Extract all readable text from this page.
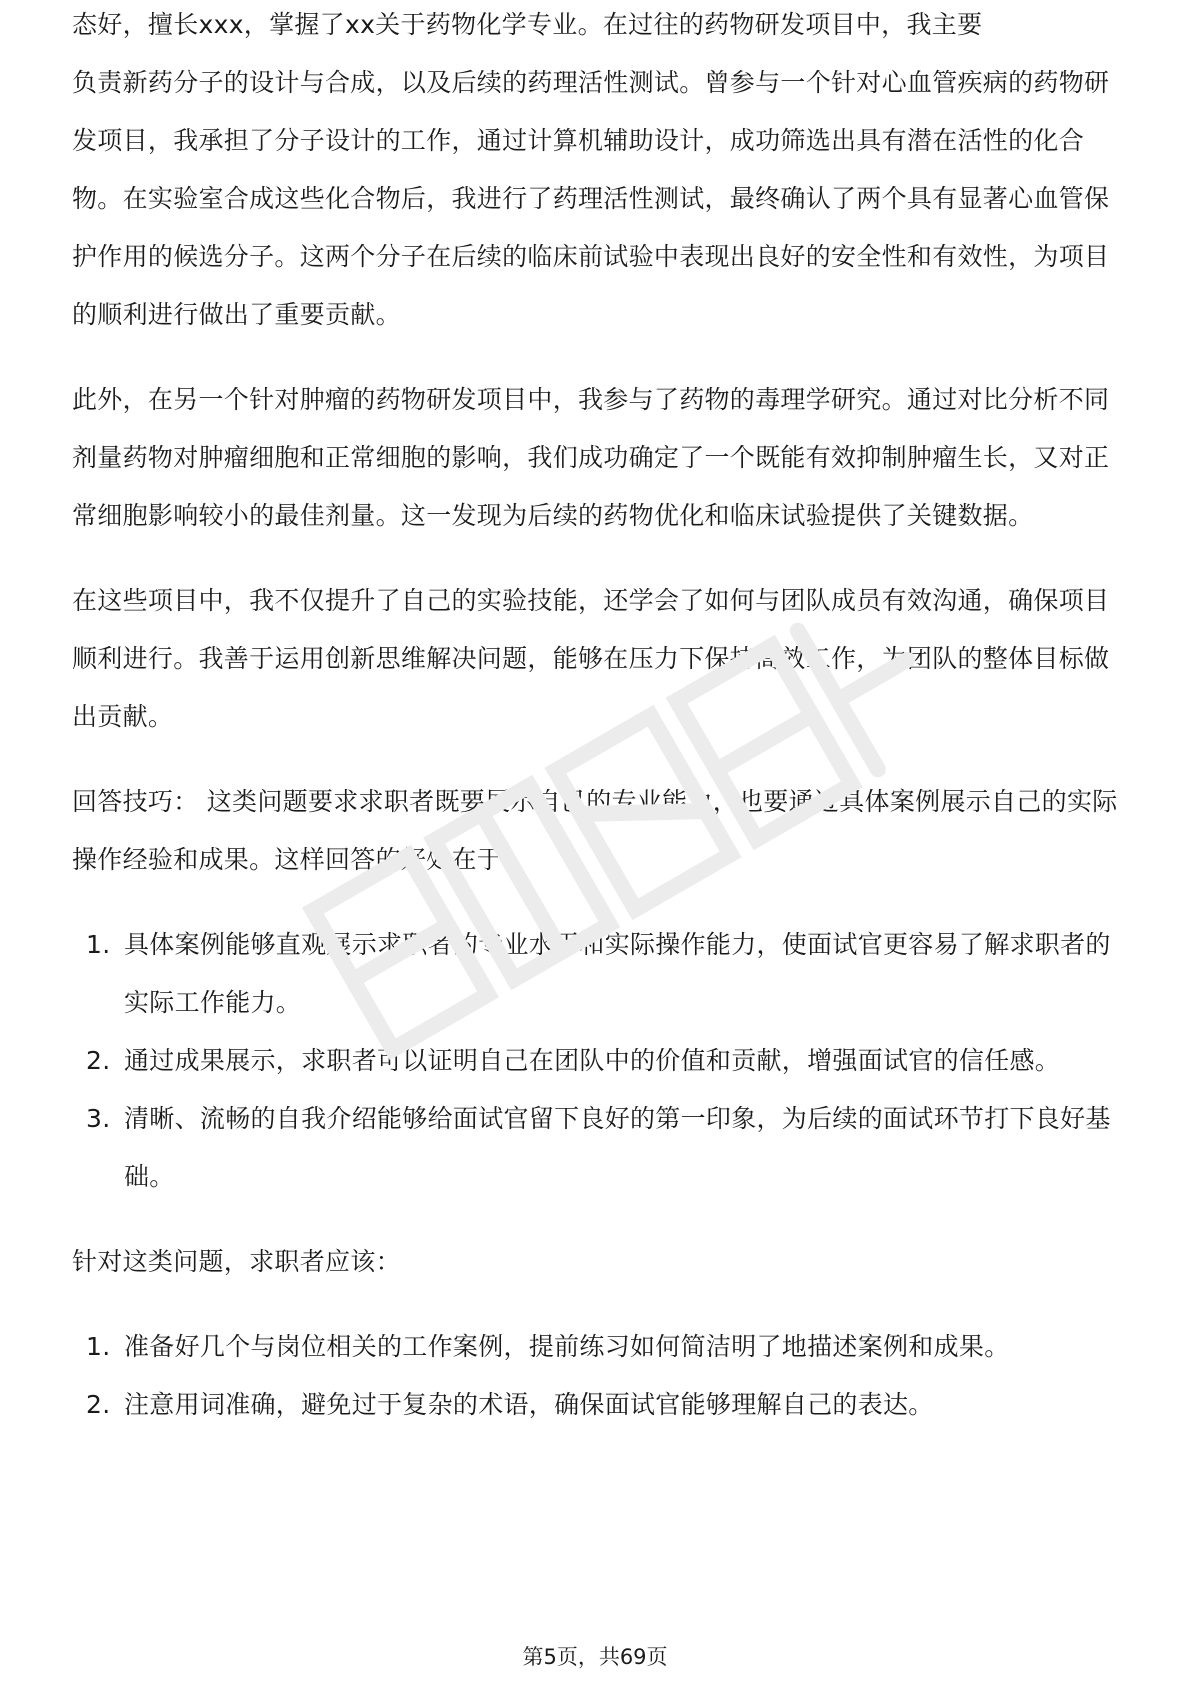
态好，擅长xxx，掌握了xx关于药物化学专业。在过往的药物研发项目中，我主要

负责新药分子的设计与合成，以及后续的药理活性测试。曾参与一个针对心血管疾病的药物研发项目，我承担了分子设计的工作，通过计算机辅助设计，成功筛选出具有潜在活性的化合物。在实验室合成这些化合物后，我进行了药理活性测试，最终确认了两个具有显著心血管保护作用的候选分子。这两个分子在后续的临床前试验中表现出良好的安全性和有效性，为项目的顺利进行做出了重要贡献。

此外，在另一个针对肿瘤的药物研发项目中，我参与了药物的毒理学研究。通过对比分析不同剂量药物对肿瘤细胞和正常细胞的影响，我们成功确定了一个既能有效抑制肿瘤生长，又对正常细胞影响较小的最佳剂量。这一发现为后续的药物优化和临床试验提供了关键数据。

在这些项目中，我不仅提升了自己的实验技能，还学会了如何与团队成员有效沟通，确保项目顺利进行。我善于运用创新思维解决问题，能够在压力下保持高效工作，为团队的整体目标做出贡献。

回答技巧： 这类问题要求求职者既要展示自己的专业能力，也要通过具体案例展示自己的实际操作经验和成果。这样回答的好处在于：

1. 具体案例能够直观展示求职者的专业水平和实际操作能力，使面试官更容易了解求职者的实际工作能力。
2. 通过成果展示，求职者可以证明自己在团队中的价值和贡献，增强面试官的信任感。
3. 清晰、流畅的自我介绍能够给面试官留下良好的第一印象，为后续的面试环节打下良好基础。

针对这类问题，求职者应该：

1. 准备好几个与岗位相关的工作案例，提前练习如何简洁明了地描述案例和成果。
2. 注意用词准确，避免过于复杂的术语，确保面试官能够理解自己的表达。
第5页，共69页
